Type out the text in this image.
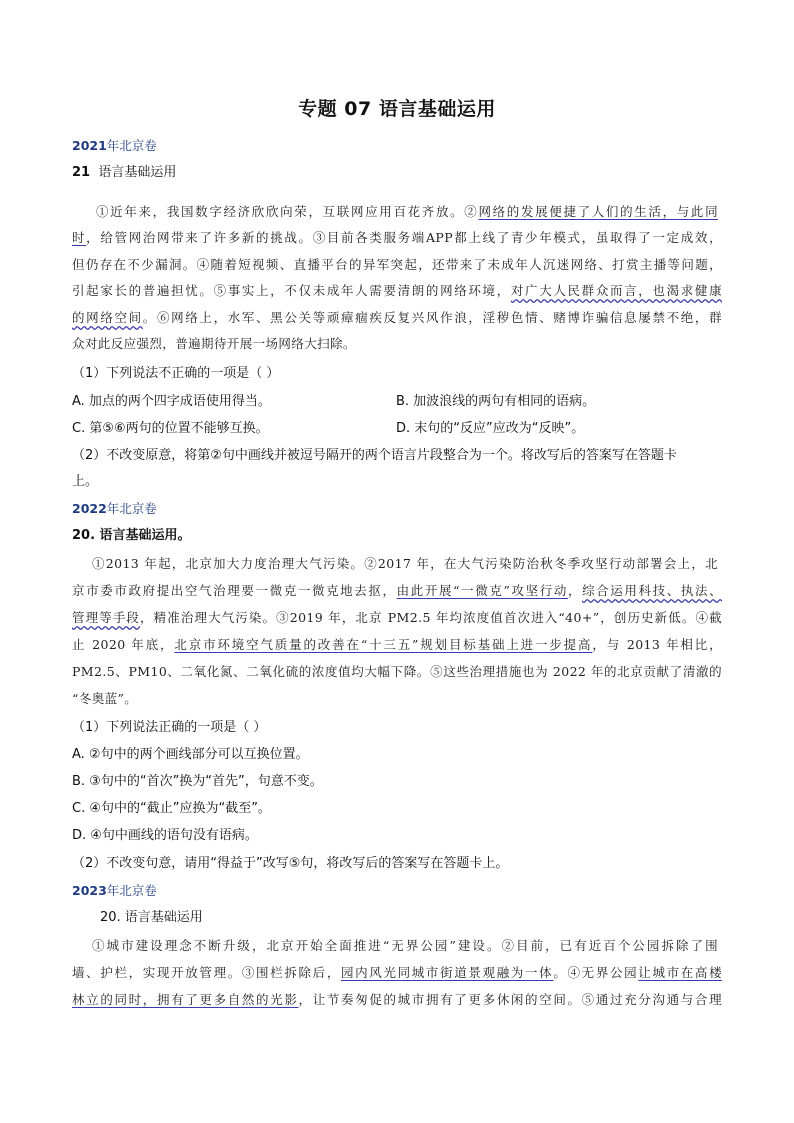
专题 07 语言基础运用
2021年北京卷
21 语言基础运用
①近年来，我国数字经济欣欣向荣，互联网应用百花齐放。②网络的发展便捷了人们的生活，与此同
时，给管网治网带来了许多新的挑战。③目前各类服务端APP都上线了青少年模式，虽取得了一定成效，
但仍存在不少漏洞。④随着短视频、直播平台的异军突起，还带来了未成年人沉迷网络、打赏主播等问题，
引起家长的普遍担忧。⑤事实上，不仅未成年人需要清朗的网络环境，对广大人民群众而言，也渴求健康
的网络空间。⑥网络上，水军、黑公关等顽瘴痼疾反复兴风作浪，淫秽色情、赌博诈骗信息屡禁不绝，群
众对此反应强烈，普遍期待开展一场网络大扫除。
（1）下列说法不正确的一项是（ ）
A. 加点的两个四字成语使用得当。	B. 加波浪线的两句有相同的语病。
C. 第⑤⑥两句的位置不能够互换。	D. 末句的“反应”应改为“反映”。
（2）不改变原意，将第②句中画线并被逗号隔开的两个语言片段整合为一个。将改写后的答案写在答题卡
上。
2022年北京卷
20. 语言基础运用。
①2013 年起，北京加大力度治理大气污染。②2017 年，在大气污染防治秋冬季攻坚行动部署会上，北
京市委市政府提出空气治理要一微克一微克地去抠，由此开展“一微克”攻坚行动，综合运用科技、执法、
管理等手段，精准治理大气污染。③2019 年，北京 PM2.5 年均浓度值首次进入“40+”，创历史新低。④截
止 2020 年底，北京市环境空气质量的改善在“十三五”规划目标基础上进一步提高，与 2013 年相比，
PM2.5、PM10、二氧化氮、二氧化硫的浓度值均大幅下降。⑤这些治理措施也为 2022 年的北京贡献了清澈的
“冬奥蓝”。
（1）下列说法正确的一项是（ ）
A. ②句中的两个画线部分可以互换位置。
B. ③句中的“首次”换为“首先”，句意不变。
C. ④句中的“截止”应换为“截至”。
D. ④句中画线的语句没有语病。
（2）不改变句意，请用“得益于”改写⑤句，将改写后的答案写在答题卡上。
2023年北京卷
20. 语言基础运用
①城市建设理念不断升级，北京开始全面推进“无界公园”建设。②目前，已有近百个公园拆除了围
墙、护栏，实现开放管理。③围栏拆除后，园内风光同城市街道景观融为一体。④无界公园让城市在高楼
林立的同时，拥有了更多自然的光影，让节奏匆促的城市拥有了更多休闲的空间。⑤通过充分沟通与合理
